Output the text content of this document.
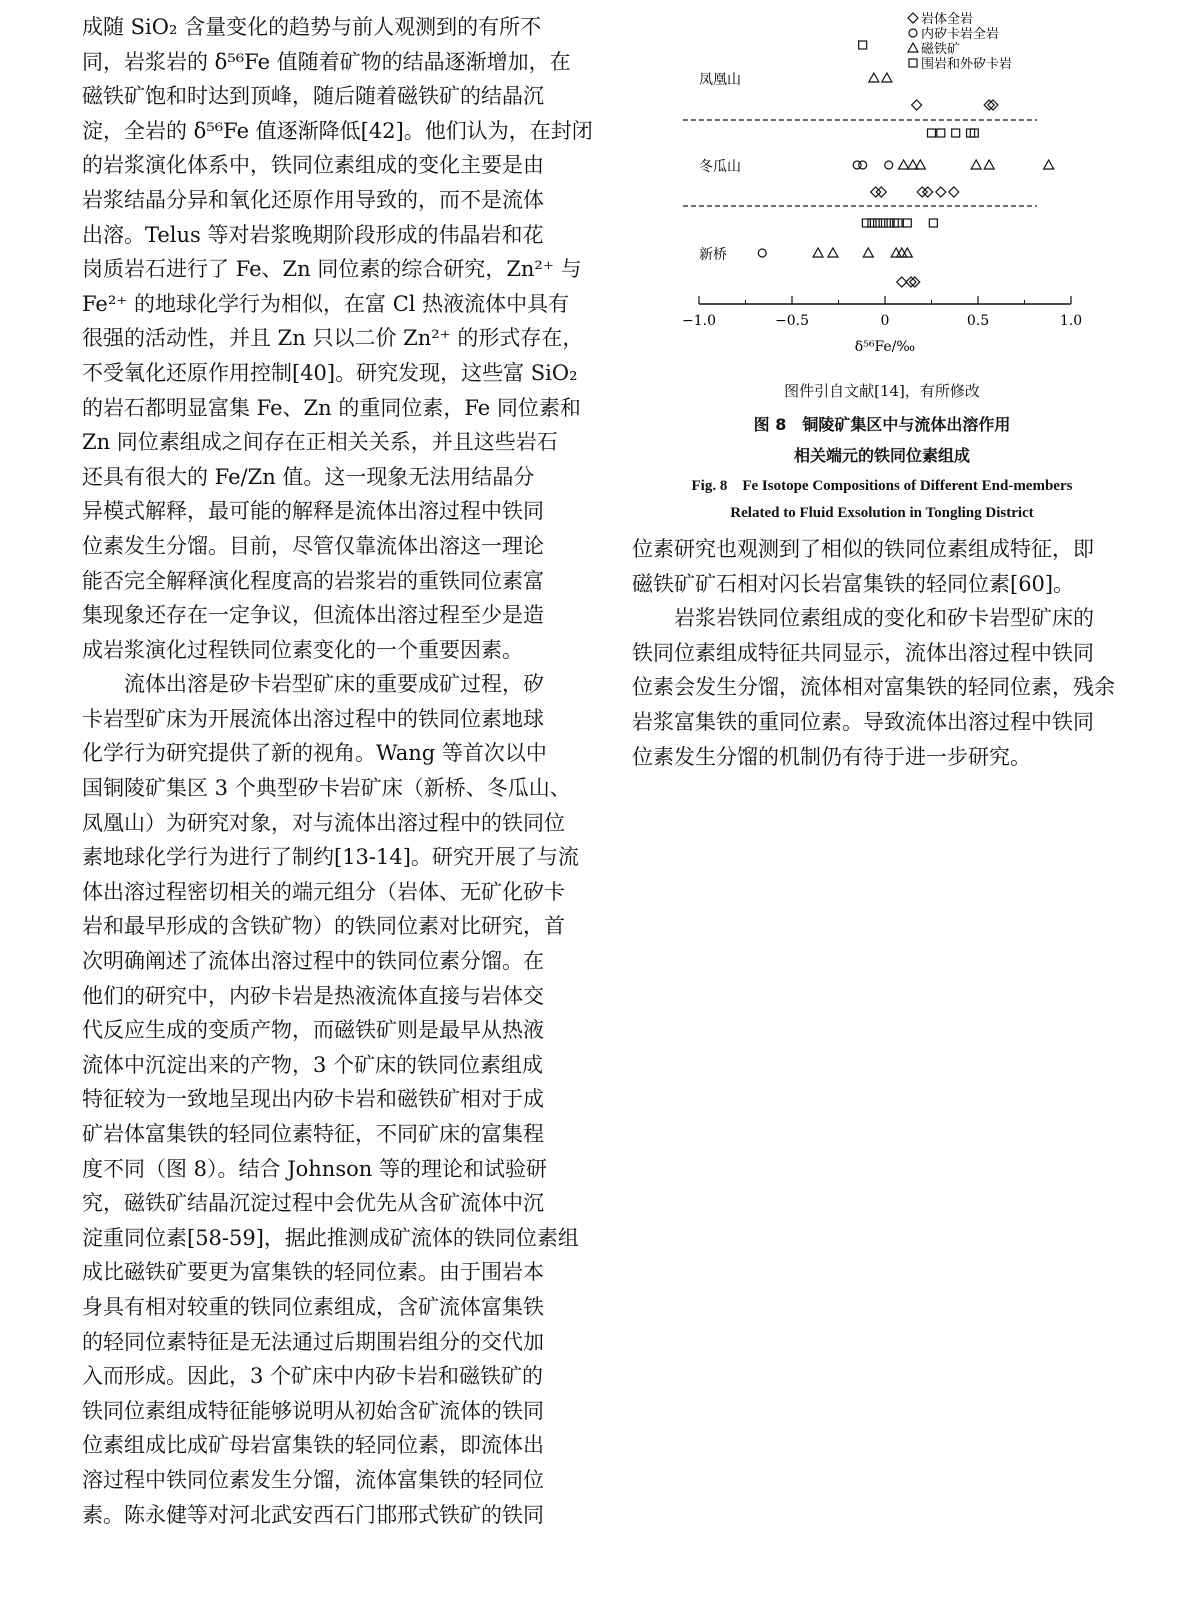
成随 SiO₂ 含量变化的趋势与前人观测到的有所不
同，岩浆岩的 δ⁵⁶Fe 值随着矿物的结晶逐渐增加，在
磁铁矿饱和时达到顶峰，随后随着磁铁矿的结晶沉
淀，全岩的 δ⁵⁶Fe 值逐渐降低[42]。他们认为，在封闭
的岩浆演化体系中，铁同位素组成的变化主要是由
岩浆结晶分异和氧化还原作用导致的，而不是流体
出溶。Telus 等对岩浆晚期阶段形成的伟晶岩和花
岗质岩石进行了 Fe、Zn 同位素的综合研究，Zn²⁺ 与
Fe²⁺ 的地球化学行为相似，在富 Cl 热液流体中具有
很强的活动性，并且 Zn 只以二价 Zn²⁺ 的形式存在，
不受氧化还原作用控制[40]。研究发现，这些富 SiO₂
的岩石都明显富集 Fe、Zn 的重同位素，Fe 同位素和
Zn 同位素组成之间存在正相关关系，并且这些岩石
还具有很大的 Fe/Zn 值。这一现象无法用结晶分
异模式解释，最可能的解释是流体出溶过程中铁同
位素发生分馏。目前，尽管仅靠流体出溶这一理论
能否完全解释演化程度高的岩浆岩的重铁同位素富
集现象还存在一定争议，但流体出溶过程至少是造
成岩浆演化过程铁同位素变化的一个重要因素。

流体出溶是矽卡岩型矿床的重要成矿过程，矽
卡岩型矿床为开展流体出溶过程中的铁同位素地球
化学行为研究提供了新的视角。Wang 等首次以中
国铜陵矿集区 3 个典型矽卡岩矿床（新桥、冬瓜山、
凤凰山）为研究对象，对与流体出溶过程中的铁同位
素地球化学行为进行了制约[13-14]。研究开展了与流
体出溶过程密切相关的端元组分（岩体、无矿化矽卡
岩和最早形成的含铁矿物）的铁同位素对比研究，首
次明确阐述了流体出溶过程中的铁同位素分馏。在
他们的研究中，内矽卡岩是热液流体直接与岩体交
代反应生成的变质产物，而磁铁矿则是最早从热液
流体中沉淀出来的产物，3 个矿床的铁同位素组成
特征较为一致地呈现出内矽卡岩和磁铁矿相对于成
矿岩体富集铁的轻同位素特征，不同矿床的富集程
度不同（图 8）。结合 Johnson 等的理论和试验研
究，磁铁矿结晶沉淀过程中会优先从含矿流体中沉
淀重同位素[58-59]，据此推测成矿流体的铁同位素组
成比磁铁矿要更为富集铁的轻同位素。由于围岩本
身具有相对较重的铁同位素组成，含矿流体富集铁
的轻同位素特征是无法通过后期围岩组分的交代加
入而形成。因此，3 个矿床中内矽卡岩和磁铁矿的
铁同位素组成特征能够说明从初始含矿流体的铁同
位素组成比成矿母岩富集铁的轻同位素，即流体出
溶过程中铁同位素发生分馏，流体富集铁的轻同位
素。陈永健等对河北武安西石门邯邢式铁矿的铁同

岩体全岩
内矽卡岩全岩
磁铁矿
围岩和外矽卡岩
凤凰山
冬瓜山
新桥
−1.0	−0.5	0	0.5	1.0
δ⁵⁶Fe/‰

图件引自文献[14]，有所修改

图 8　铜陵矿集区中与流体出溶作用

相关端元的铁同位素组成

Fig. 8　Fe Isotope Compositions of Different End-members

Related to Fluid Exsolution in Tongling District

位素研究也观测到了相似的铁同位素组成特征，即
磁铁矿矿石相对闪长岩富集铁的轻同位素[60]。

岩浆岩铁同位素组成的变化和矽卡岩型矿床的
铁同位素组成特征共同显示，流体出溶过程中铁同
位素会发生分馏，流体相对富集铁的轻同位素，残余
岩浆富集铁的重同位素。导致流体出溶过程中铁同
位素发生分馏的机制仍有待于进一步研究。
